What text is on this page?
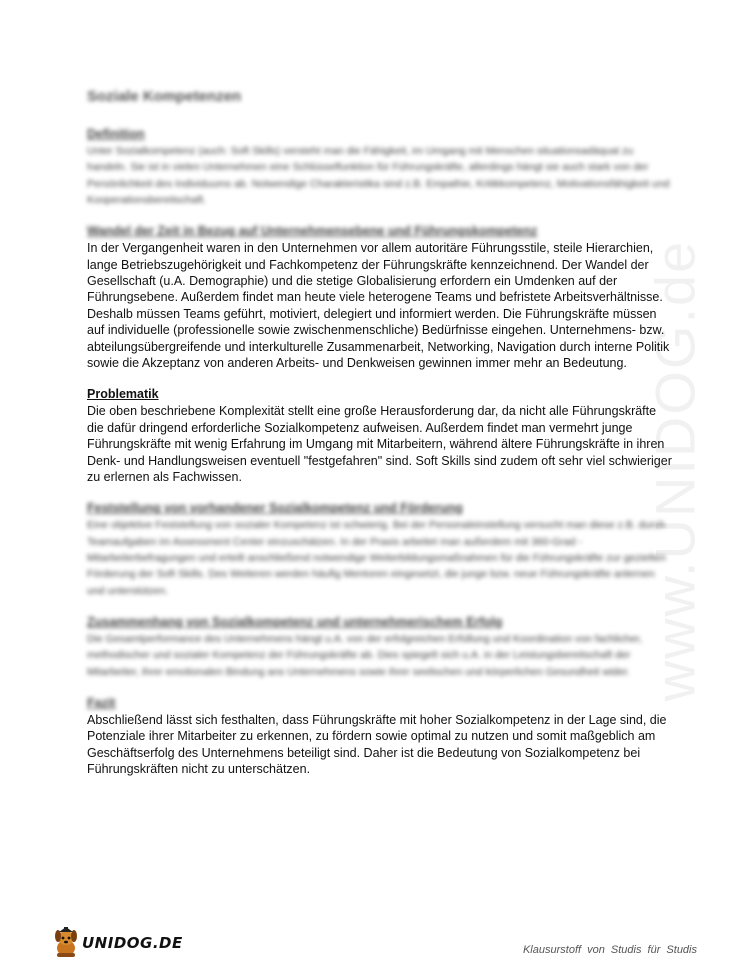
www.UNIDOG.de
Soziale Kompetenzen

Definition

Unter Sozialkompetenz (auch: Soft Skills) versteht man die Fähigkeit, im Umgang mit Menschen situationsadäquat zu handeln. Sie ist in vielen Unternehmen eine Schlüsselfunktion für Führungskräfte, allerdings hängt sie auch stark von der Persönlichkeit des Individuums ab. Notwendige Charakteristika sind z.B. Empathie, Kritikkompetenz, Motivationsfähigkeit und Kooperationsbereitschaft.

Wandel der Zeit in Bezug auf Unternehmensebene und Führungskompetenz

In der Vergangenheit waren in den Unternehmen vor allem autoritäre Führungsstile, steile Hierarchien, lange Betriebszugehörigkeit und Fachkompetenz der Führungskräfte kennzeichnend. Der Wandel der Gesellschaft (u.A. Demographie) und die stetige Globalisierung erfordern ein Umdenken auf der Führungsebene. Außerdem findet man heute viele heterogene Teams und befristete Arbeitsverhältnisse. Deshalb müssen Teams geführt, motiviert, delegiert und informiert werden. Die Führungskräfte müssen auf individuelle (professionelle sowie zwischenmenschliche) Bedürfnisse eingehen. Unternehmens- bzw. abteilungsübergreifende und interkulturelle Zusammenarbeit, Networking, Navigation durch interne Politik sowie die Akzeptanz von anderen Arbeits- und Denkweisen gewinnen immer mehr an Bedeutung.

Problematik

Die oben beschriebene Komplexität stellt eine große Herausforderung dar, da nicht alle Führungskräfte die dafür dringend erforderliche Sozialkompetenz aufweisen. Außerdem findet man vermehrt junge Führungskräfte mit wenig Erfahrung im Umgang mit Mitarbeitern, während ältere Führungskräfte in ihren Denk- und Handlungsweisen eventuell "festgefahren" sind. Soft Skills sind zudem oft sehr viel schwieriger zu erlernen als Fachwissen.

Feststellung von vorhandener Sozialkompetenz und Förderung

Eine objektive Feststellung von sozialer Kompetenz ist schwierig. Bei der Personaleinstellung versucht man diese z.B. durch Teamaufgaben im Assessment Center einzuschätzen. In der Praxis arbeitet man außerdem mit 360-Grad - Mitarbeiterbefragungen und erteilt anschließend notwendige Weiterbildungsmaßnahmen für die Führungskräfte zur gezielten Förderung der Soft Skills. Des Weiteren werden häufig Mentoren eingesetzt, die junge bzw. neue Führungskräfte anlernen und unterstützen.

Zusammenhang von Sozialkompetenz und unternehmerischem Erfolg

Die Gesamtperformance des Unternehmens hängt u.A. von der erfolgreichen Erfüllung und Koordination von fachlicher, methodischer und sozialer Kompetenz der Führungskräfte ab. Dies spiegelt sich u.A. in der Leistungsbereitschaft der Mitarbeiter, ihrer emotionalen Bindung ans Unternehmens sowie ihrer seelischen und körperlichen Gesundheit wider.

Fazit

Abschließend lässt sich festhalten, dass Führungskräfte mit hoher Sozialkompetenz in der Lage sind, die Potenziale ihrer Mitarbeiter zu erkennen, zu fördern sowie optimal zu nutzen und somit maßgeblich am Geschäftserfolg des Unternehmens beteiligt sind. Daher ist die Bedeutung von Sozialkompetenz bei Führungskräften nicht zu unterschätzen.

UNIDOG.DE	Klausurstoff von Studis für Studis
